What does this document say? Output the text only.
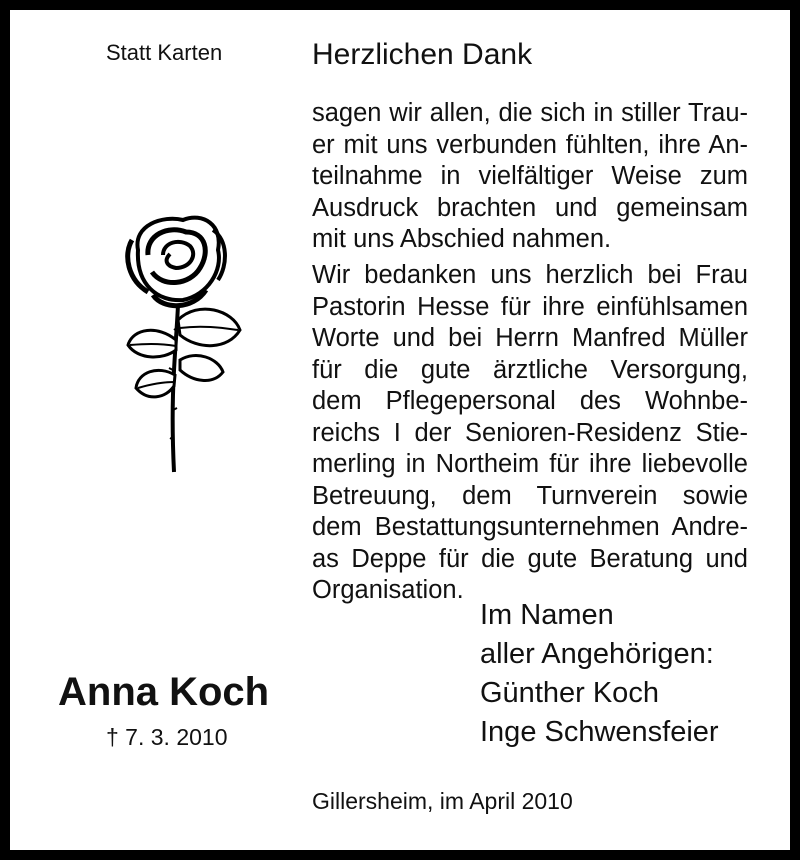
Statt Karten	Herzlichen Dank
sagen wir allen, die sich in stiller Trau-
er mit uns verbunden fühlten, ihre An-
teilnahme in vielfältiger Weise zum
Ausdruck brachten und gemeinsam
mit uns Abschied nahmen.
Wir bedanken uns herzlich bei Frau
Pastorin Hesse für ihre einfühlsamen
Worte und bei Herrn Manfred Müller
für die gute ärztliche Versorgung,
dem Pflegepersonal des Wohnbe-
reichs I der Senioren-Residenz Stie-
merling in Northeim für ihre liebevolle
Betreuung, dem Turnverein sowie
dem Bestattungsunternehmen Andre-
as Deppe für die gute Beratung und
Organisation.
Im Namen
aller Angehörigen:
Günther Koch
Inge Schwensfeier
Anna Koch
† 7. 3. 2010
Gillersheim, im April 2010
